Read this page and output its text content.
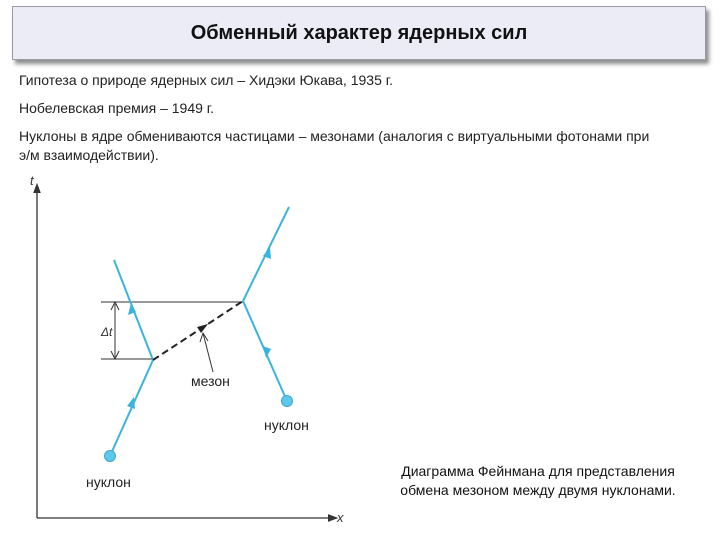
Обменный характер ядерных сил
Гипотеза о природе ядерных сил – Хидэки Юкава, 1935 г.
Нобелевская премия – 1949 г.
Нуклоны в ядре обмениваются частицами – мезонами (аналогия с виртуальными фотонами при э/м взаимодействии).
t
x
Δ t
мезон
нуклон
нуклон
Диаграмма Фейнмана для представления
обмена мезоном между двумя нуклонами.
